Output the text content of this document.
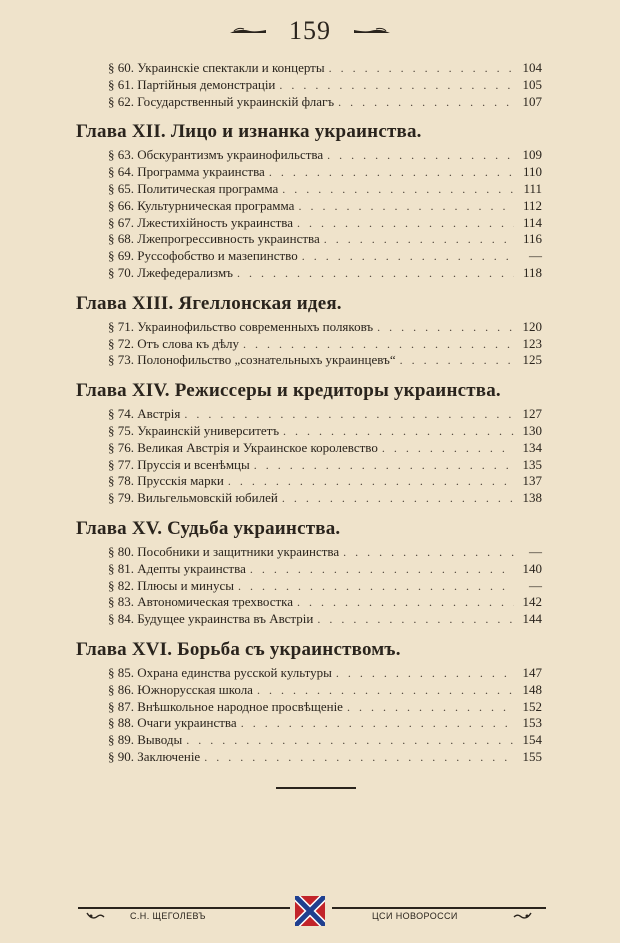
159
§ 60.
Украинскіе спектакли и концерты . . .	104
§ 61.
Партійныя демонстраціи . . .	105
§ 62.
Государственный украинскій флагъ . . .	107
Глава XII. Лицо и изнанка украинства.
§ 63.
Обскурантизмъ украинофильства . . .	109
§ 64.
Программа украинства . . .	110
§ 65.
Политическая программа . . .	111
§ 66.
Культурническая программа . . .	112
§ 67.
Лжестихійность украинства . . .	114
§ 68.
Лжепрогрессивность украинства . . .	116
§ 69.
Руссофобство и мазепинство . . .	—
§ 70.
Лжефедерализмъ . . .	118
Глава XIII. Ягеллонская идея.
§ 71.
Украинофильство современныхъ поляковъ . . .	120
§ 72.
Отъ слова къ дѣлу . . .	123
§ 73.
Полонофильство „сознательныхъ украинцевъ“ . . .	125
Глава XIV. Режиссеры и кредиторы украинства.
§ 74.
Австрія . . .	127
§ 75.
Украинскій университетъ . . .	130
§ 76.
Великая Австрія и Украинское королевство . . .	134
§ 77.
Пруссія и всенѣмцы . . .	135
§ 78.
Прусскія марки . . .	137
§ 79.
Вильгельмовскій юбилей . . .	138
Глава XV. Судьба украинства.
§ 80.
Пособники и защитники украинства . . .	—
§ 81.
Адепты украинства . . .	140
§ 82.
Плюсы и минусы . . .	—
§ 83.
Автономическая трехвостка . . .	142
§ 84.
Будущее украинства въ Австріи . . .	144
Глава XVI. Борьба съ украинствомъ.
§ 85.
Охрана единства русской культуры . . .	147
§ 86.
Южнорусская школа . . .	148
§ 87.
Внѣшкольное народное просвѣщеніе . . .	152
§ 88.
Очаги украинства . . .	153
§ 89.
Выводы . . .	154
§ 90.
Заключеніе . . .	155
С.Н. ЩЕГОЛЕВЪ	ЦСИ НОВОРОССИ
